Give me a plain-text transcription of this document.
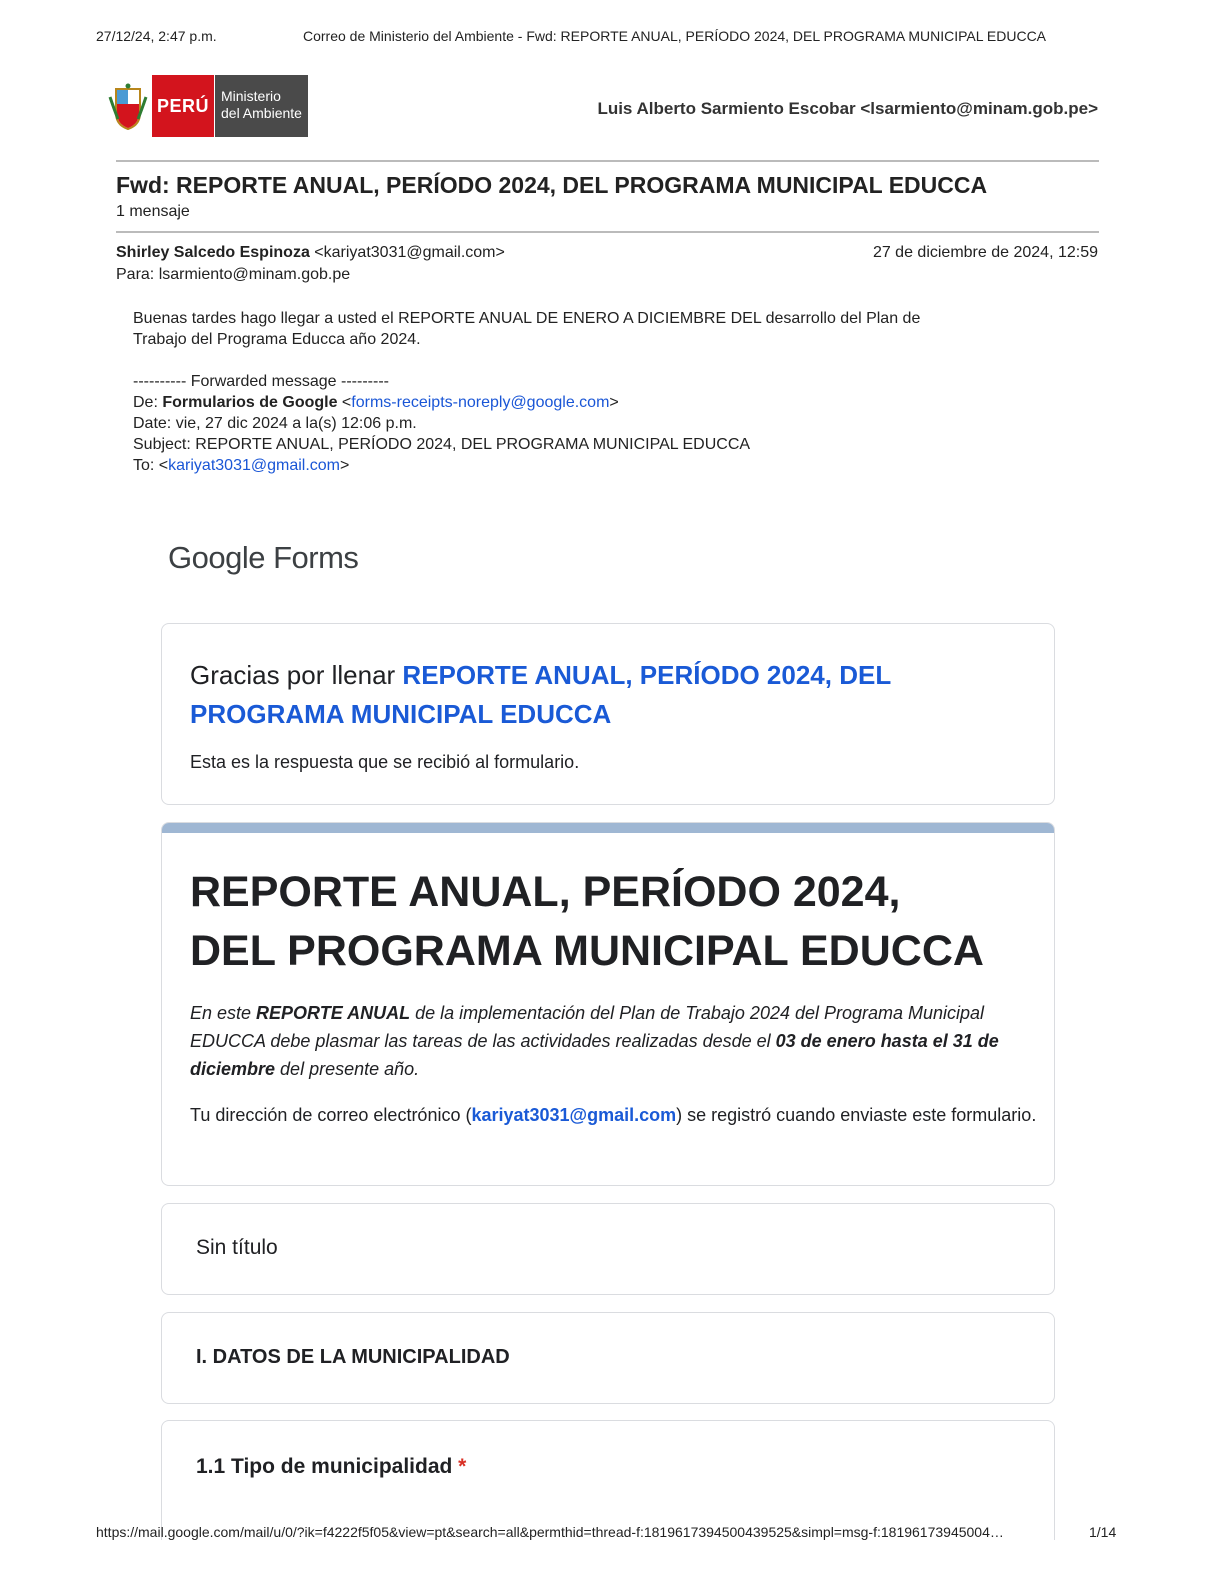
27/12/24, 2:47 p.m.	Correo de Ministerio del Ambiente - Fwd: REPORTE ANUAL, PERÍODO 2024, DEL PROGRAMA MUNICIPAL EDUCCA
PERÚ Ministerio
del Ambiente	Luis Alberto Sarmiento Escobar <lsarmiento@minam.gob.pe>
Fwd: REPORTE ANUAL, PERÍODO 2024, DEL PROGRAMA MUNICIPAL EDUCCA
1 mensaje
Shirley Salcedo Espinoza <kariyat3031@gmail.com>	27 de diciembre de 2024, 12:59
Para: lsarmiento@minam.gob.pe
Buenas tardes hago llegar a usted el REPORTE ANUAL DE ENERO A DICIEMBRE DEL desarrollo del Plan de
Trabajo del Programa Educca año 2024.
---------- Forwarded message ---------
De: Formularios de Google <forms-receipts-noreply@google.com>
Date: vie, 27 dic 2024 a la(s) 12:06 p.m.
Subject: REPORTE ANUAL, PERÍODO 2024, DEL PROGRAMA MUNICIPAL EDUCCA
To: <kariyat3031@gmail.com>
Google Forms
Gracias por llenar REPORTE ANUAL, PERÍODO 2024, DEL PROGRAMA MUNICIPAL EDUCCA
Esta es la respuesta que se recibió al formulario.
REPORTE ANUAL, PERÍODO 2024,
DEL PROGRAMA MUNICIPAL EDUCCA
En este REPORTE ANUAL de la implementación del Plan de Trabajo 2024 del Programa Municipal EDUCCA debe plasmar las tareas de las actividades realizadas desde el 03 de enero hasta el 31 de diciembre del presente año.
Tu dirección de correo electrónico (kariyat3031@gmail.com) se registró cuando enviaste este formulario.
Sin título
I. DATOS DE LA MUNICIPALIDAD
1.1 Tipo de municipalidad *
https://mail.google.com/mail/u/0/?ik=f4222f5f05&view=pt&search=all&permthid=thread-f:1819617394500439525&simpl=msg-f:18196173945004…	1/14
